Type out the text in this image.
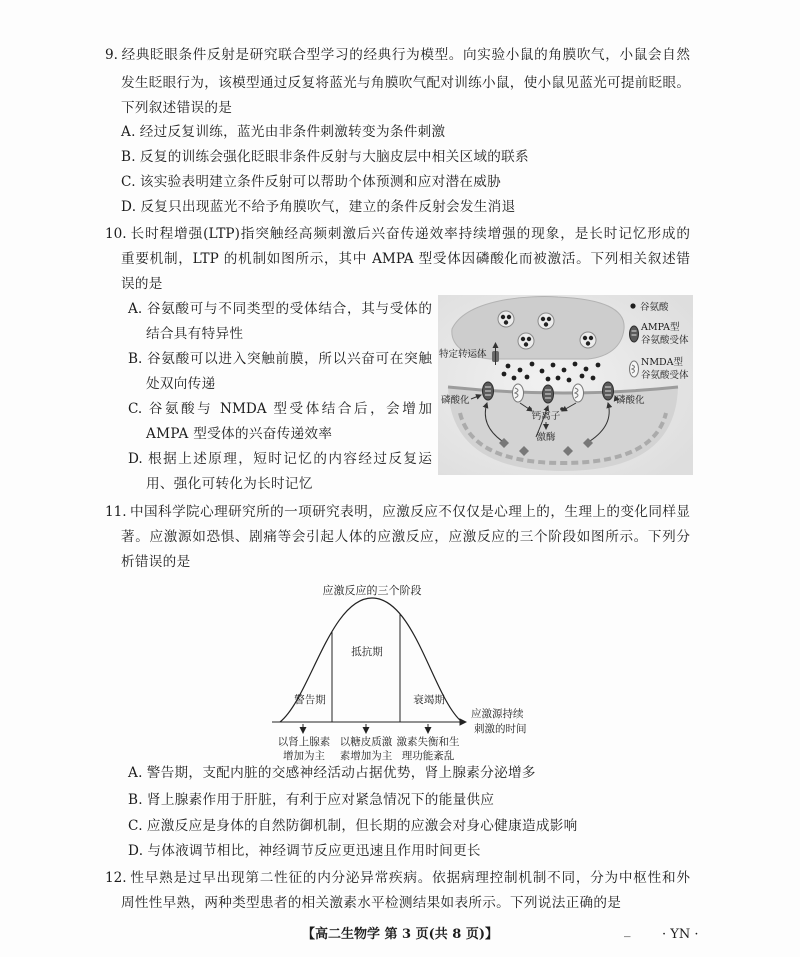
9. 经典眨眼条件反射是研究联合型学习的经典行为模型。向实验小鼠的角膜吹气，小鼠会自然
发生眨眼行为，该模型通过反复将蓝光与角膜吹气配对训练小鼠，使小鼠见蓝光可提前眨眼。
下列叙述错误的是
A. 经过反复训练，蓝光由非条件刺激转变为条件刺激
B. 反复的训练会强化眨眼非条件反射与大脑皮层中相关区域的联系
C. 该实验表明建立条件反射可以帮助个体预测和应对潜在威胁
D. 反复只出现蓝光不给予角膜吹气，建立的条件反射会发生消退
10. 长时程增强(LTP)指突触经高频刺激后兴奋传递效率持续增强的现象，是长时记忆形成的
重要机制，LTP 的机制如图所示，其中 AMPA 型受体因磷酸化而被激活。下列相关叙述错
误的是
A. 谷氨酸可与不同类型的受体结合，其与受体的
结合具有特异性
B. 谷氨酸可以进入突触前膜，所以兴奋可在突触
处双向传递
C. 谷氨酸与 NMDA 型受体结合后，会增加
AMPA 型受体的兴奋传递效率
D. 根据上述原理，短时记忆的内容经过反复运
用、强化可转化为长时记忆
特定转运体
磷酸化	磷酸化
钙离子
激酶
谷氨酸
AMPA型
谷氨酸受体
NMDA型
谷氨酸受体
11. 中国科学院心理研究所的一项研究表明，应激反应不仅仅是心理上的，生理上的变化同样显
著。应激源如恐惧、剧痛等会引起人体的应激反应，应激反应的三个阶段如图所示。下列分
析错误的是
应激反应的三个阶段
警告期
抵抗期
衰竭期
应激源持续
刺激的时间
以肾上腺素
增加为主
以糖皮质激
素增加为主
激素失衡和生
理功能紊乱
A. 警告期，支配内脏的交感神经活动占据优势，肾上腺素分泌增多
B. 肾上腺素作用于肝脏，有利于应对紧急情况下的能量供应
C. 应激反应是身体的自然防御机制，但长期的应激会对身心健康造成影响
D. 与体液调节相比，神经调节反应更迅速且作用时间更长
12. 性早熟是过早出现第二性征的内分泌异常疾病。依据病理控制机制不同，分为中枢性和外
周性性早熟，两种类型患者的相关激素水平检测结果如表所示。下列说法正确的是
【高二生物学 第 3 页(共 8 页)】	_ · YN ·
